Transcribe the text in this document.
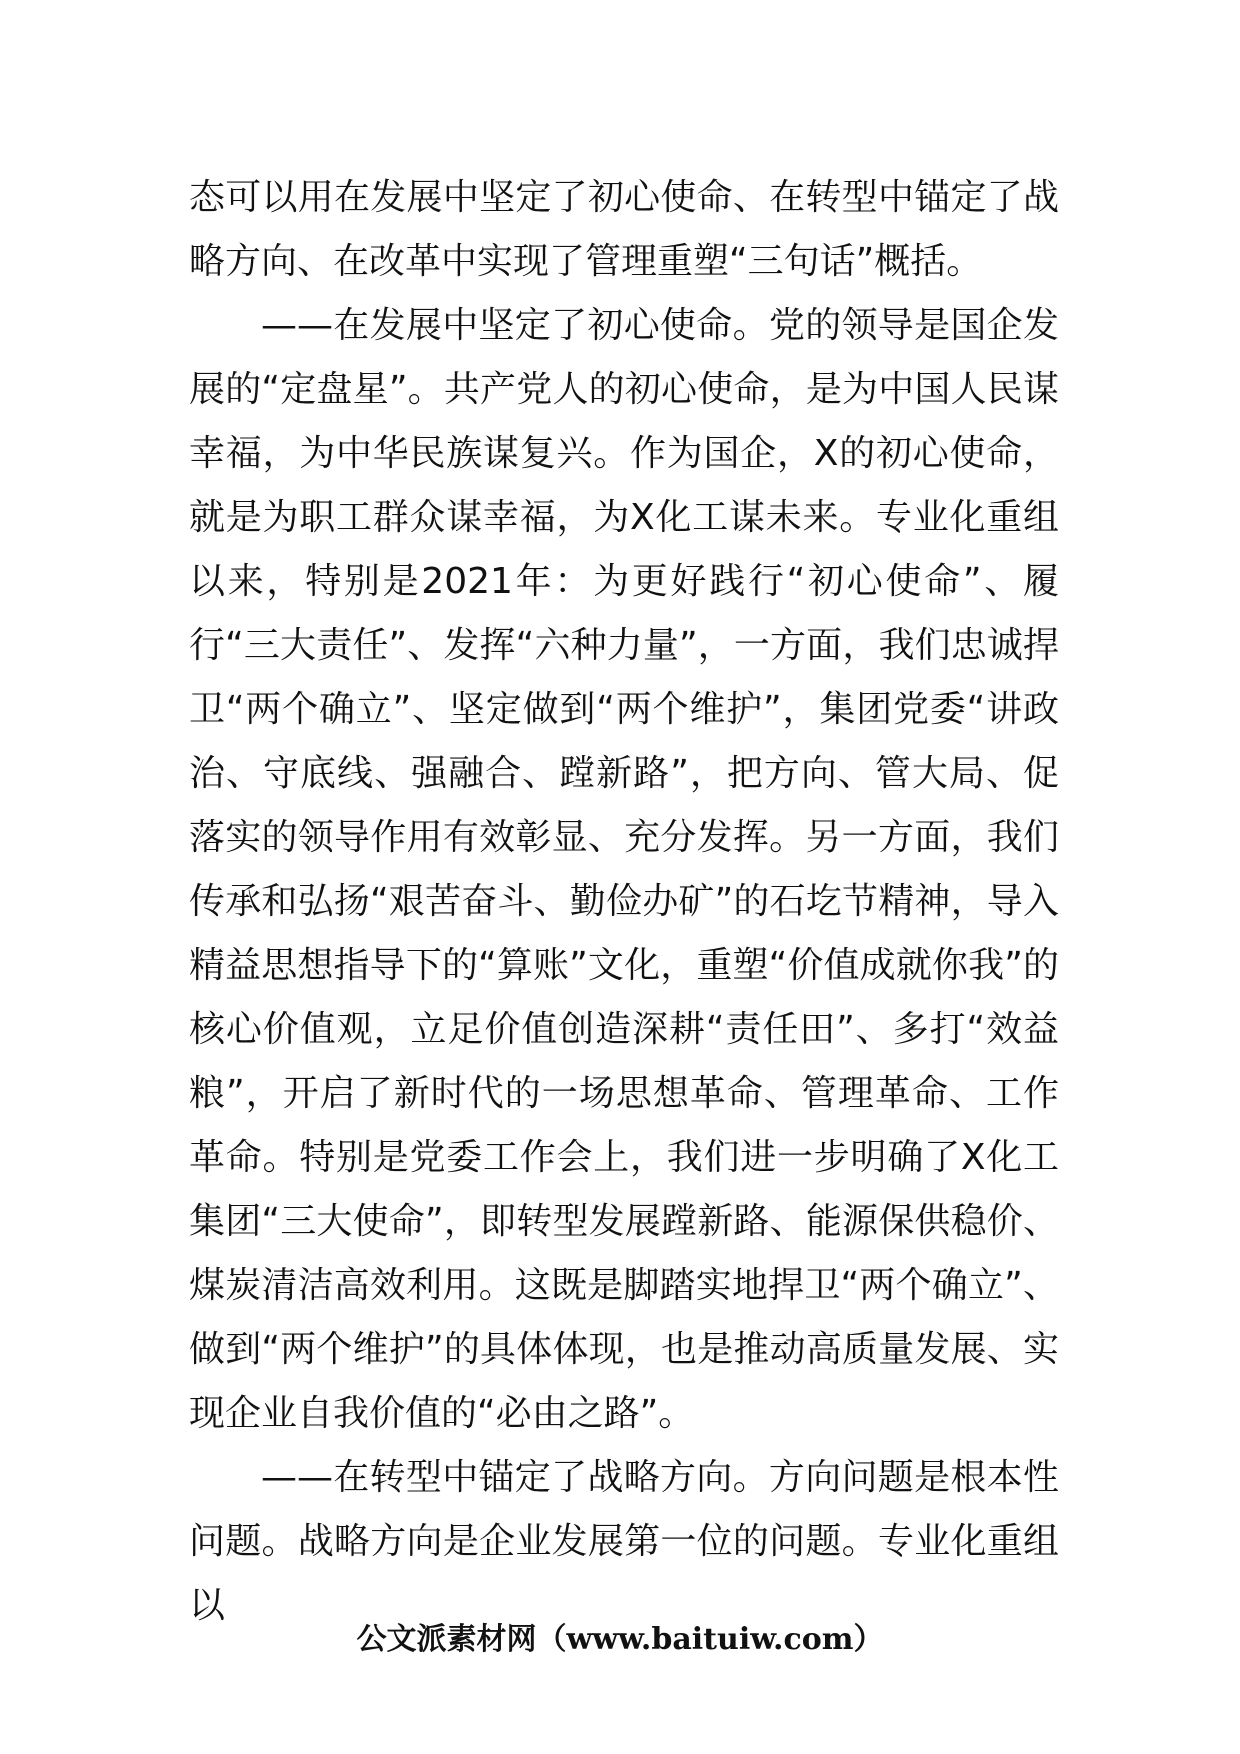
态可以用在发展中坚定了初心使命、在转型中锚定了战略方向、在改革中实现了管理重塑“三句话”概括。

——在发展中坚定了初心使命。党的领导是国企发展的“定盘星”。共产党人的初心使命，是为中国人民谋幸福，为中华民族谋复兴。作为国企，X的初心使命，就是为职工群众谋幸福，为X化工谋未来。专业化重组以来，特别是2021年：为更好践行“初心使命”、履行“三大责任”、发挥“六种力量”，一方面，我们忠诚捍卫“两个确立”、坚定做到“两个维护”，集团党委“讲政治、守底线、强融合、蹚新路”，把方向、管大局、促落实的领导作用有效彰显、充分发挥。另一方面，我们传承和弘扬“艰苦奋斗、勤俭办矿”的石圪节精神，导入精益思想指导下的“算账”文化，重塑“价值成就你我”的核心价值观，立足价值创造深耕“责任田”、多打“效益粮”，开启了新时代的一场思想革命、管理革命、工作革命。特别是党委工作会上，我们进一步明确了X化工集团“三大使命”，即转型发展蹚新路、能源保供稳价、煤炭清洁高效利用。这既是脚踏实地捍卫“两个确立”、做到“两个维护”的具体体现，也是推动高质量发展、实现企业自我价值的“必由之路”。

——在转型中锚定了战略方向。方向问题是根本性问题。战略方向是企业发展第一位的问题。专业化重组以

公文派素材网（www.baituiw.com）
